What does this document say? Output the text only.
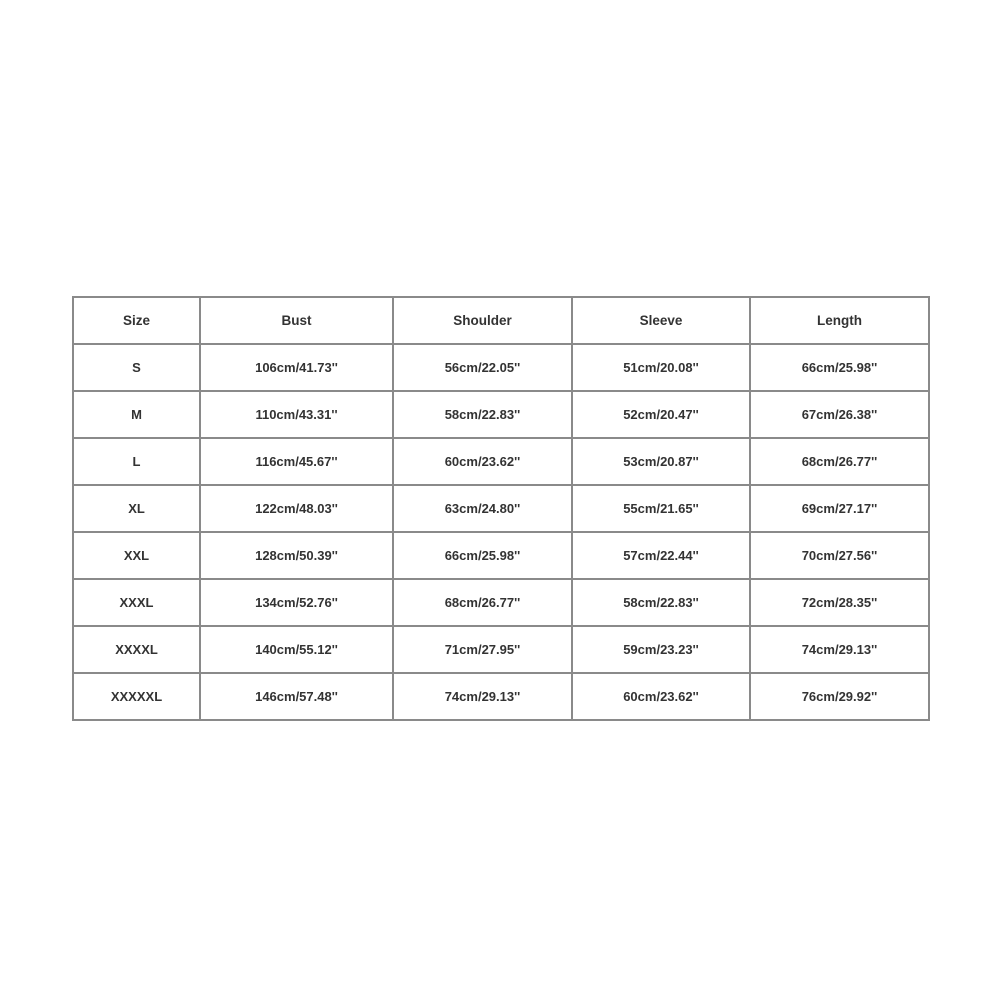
Size	Bust	Shoulder	Sleeve	Length
S	106cm/41.73''	56cm/22.05''	51cm/20.08''	66cm/25.98''
M	110cm/43.31''	58cm/22.83''	52cm/20.47''	67cm/26.38''
L	116cm/45.67''	60cm/23.62''	53cm/20.87''	68cm/26.77''
XL	122cm/48.03''	63cm/24.80''	55cm/21.65''	69cm/27.17''
XXL	128cm/50.39''	66cm/25.98''	57cm/22.44''	70cm/27.56''
XXXL	134cm/52.76''	68cm/26.77''	58cm/22.83''	72cm/28.35''
XXXXL	140cm/55.12''	71cm/27.95''	59cm/23.23''	74cm/29.13''
XXXXXL	146cm/57.48''	74cm/29.13''	60cm/23.62''	76cm/29.92''
